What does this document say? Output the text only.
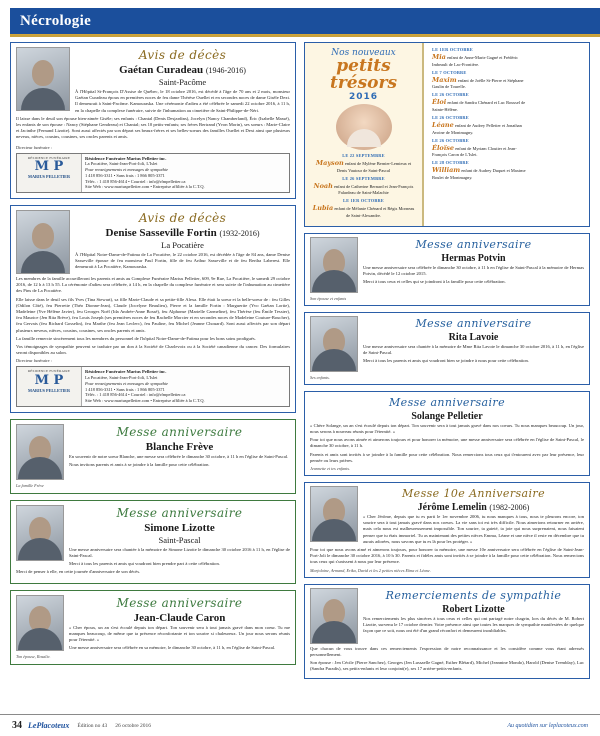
Nécrologie
Avis de décès
Gaétan Curadeau (1946-2016)
Saint-Pacôme

À l'Hôpital St-François D'Assise de Québec, le 18 octobre 2016, est décédé à l'âge de 70 ans et 2 mois, monsieur Gaétan Curadeau époux en premières noces de feu dame Thérèse Ouellet et en secondes noces de dame Gisèle Dext. Il demeurait à Saint-Pacôme. Kamouraska. Une cérémonie d'adieu a été célébrée le samedi 22 octobre 2016, à 11 h, en la chapelle du complexe funéraire, suivie de l'inhumation au cimetière de Saint-Philippe-de-Néri.

Il laisse dans le deuil son épouse bien-aimée Gisèle; ses enfants : Chantal (Denis Desjardins), Jocelyn (Nancy Chamberland), Éric (Isabelle Massé), les enfants de son épouse : Nancy (Stéphane Gendreau) et Chantal; ses 10 petits-enfants; ses frères Bertrand (Yvon Morin), ses soeurs : Marie-Claire et Jacinthe (Fernand Lizotte). Sont aussi affectés par son départ ses beaux-frères et ses belles-soeurs des familles Ouellet et Dext ainsi que plusieurs neveux, nièces, cousins, cousines, ses oncles parents et amis.

Directeur funéraire :
RÉSIDENCE FUNÉRAIRE
M P
MARIUS PELLETIER
Résidence Funéraire Marius Pelletier inc.
La Pocatière, Saint-Jean-Port-Joli, L'Islet
Pour renseignements et messages de sympathie
1 418 856-3311 • Sans frais : 1 866 805-3371
Téléc. : 1 418 856-4614 • Courriel : info@rfmpelletier.ca
Site Web : www.mariuspelletier.com • Entreprise affiliée à la C.T.Q.
Avis de décès
Denise Sasseville Fortin (1932-2016)
La Pocatière

À l'Hôpital Notre-Dame-de-Fatima de La Pocatière, le 22 octobre 2016, est décédée à l'âge de 84 ans, dame Denise Sasseville épouse de feu monsieur Paul Fortin, fille de feu Arthur Sasseville et de feu Bertha Laberest. Elle demeurait à La Pocatière, Kamouraska.

Les membres de la famille accueilleront les parents et amis au Complexe Funéraire Marius Pelletier, 609, 9e Rue, La Pocatière, le samedi 29 octobre 2016, de 12 h à 13 h 55. La cérémonie d'adieu sera célébrée, à 14 h, en la chapelle du complexe funéraire et sera suivie de l'inhumation au cimetière des Pins de La Pocatière.

Elle laisse dans le deuil ses fils Yves (Tina Stewart), sa fille Marie-Claude et sa petite-fille Alexa. Elle était la soeur et la belle-soeur de : feu Gilles (Odilon Côté), feu Pierrette (Théo Dionne-Jean), Claude (Jocelyne Beaulieu), Pierre et la famille Fortin : Marguerite (Yvo Gaétan Lortie), Madeleine (Yve Hélène Javier), feu Georges Noël (Ida Andrée-Anne Bossé), feu Alphonse (Marielle Carmeline), feu Thérèse (feu Émile Tessier), feu Maurice (Jen Rita Brève), feu Louis Joseph (ses premières noces de feu Rachelle Morcier et en secondes noces de Madeleine Couture-Boucher), feu Gervais (feu Richard Gosselin), feu Marthe (feu Jean Leclerc), feu Pauline, feu Michel (Jeanne Chouard). Sont aussi affectés par son départ plusieurs neveux, nièces, cousins, cousines, ses oncles parents et amis.

La famille remercie sincèrement tous les membres du personnel de l'hôpital Notre-Dame-de-Fatima pour les bons soins prodigués.

Vos témoignages de sympathie peuvent se traduire par un don à la Société de Charlevoix ou à la Société canadienne du cancer. Des formulaires seront disponibles au salon.

Directeur funéraire :
RÉSIDENCE FUNÉRAIRE
M P
MARIUS PELLETIER
Résidence Funéraire Marius Pelletier inc.
La Pocatière, Saint-Jean-Port-Joli, L'Islet
Pour renseignements et messages de sympathie
1 418 856-3311 • Sans frais : 1 866 805-3371
Téléc. : 1 418 856-4614 • Courriel : info@rfmpelletier.ca
Site Web : www.mariuspelletier.com • Entreprise affiliée à la C.T.Q.
Messe anniversaire
Blanche Frève

En souvenir de notre soeur Blanche, une messe sera célébrée le dimanche 30 octobre, à 11 h en l'église de Saint-Pascal.

Nous invitons parents et amis à se joindre à la famille pour cette célébration.

La famille Frève
Messe anniversaire
Simone Lizotte
Saint-Pascal

Une messe anniversaire sera chantée à la mémoire de Simone Lizotte le dimanche 30 octobre 2016 à 11 h, en l'église de Saint-Pascal.

Merci à tous les parents et amis qui voudront bien prendre part à cette célébration.

Merci de penser à elle, en cette journée d'anniversaire de son décès.

Messe anniversaire
Jean-Claude Caron

« Cher époux, un an s'est écoulé depuis ton départ. Ton souvenir sera à tout jamais gravé dans mon coeur. Tu me manques beaucoup, de même que ta présence réconfortante et ton sourire si chaleureux. Un jour nous serons réunis pour l'éternité. »

Une messe anniversaire sera célébrée en sa mémoire, le dimanche 30 octobre, à 11 h, en l'église de Saint-Pascal.

Ton épouse, Rosalie.
Nos nouveaux
petits trésors
2016
LE 22 SEPTEMBRE
Mayson enfant de Mylène Bernier-Lemieux et Denis Vautour de Saint-Pascal
LE 26 SEPTEMBRE
Noah enfant de Catherine Bernard et Jean-François Falardeau de Saint-Malachie
LE 1ER OCTOBRE
Lubia enfant de Mélanie Chénard et Régis Morneau de Saint-Alexandre.
LE 1ER OCTOBRE
Mia enfant de Anne-Marie Gagné et Frédéric Imbeault de Lac-Frontière.
LE 7 OCTOBRE
Maxim enfant de Joëlle St-Pierre et Stéphane Gaulin de Tourelle.
LE 26 OCTOBRE
Éloi enfant de Sandra Chénard et Luc Roussel de Sainte-Hélène.
LE 26 OCTOBRE
Léane enfant de Audrey Pelletier et Jonathan Avoine de Montmagny.
LE 26 OCTOBRE
Éloïse enfant de Myriam Cloutier et Jean-François Caron de L'Islet.
LE 28 OCTOBRE
William enfant de Audrey Duquet et Maxime Boulet de Montmagny.
Messe anniversaire
Hermas Potvin

Une messe anniversaire sera célébrée le dimanche 30 octobre, à 11 h en l'église de Saint-Pascal à la mémoire de Hermas Potvin, décédé le 12 octobre 2015.

Merci à tous ceux et celles qui se joindront à la famille pour cette célébration.

Son épouse et enfants
Messe anniversaire
Rita Lavoie

Une messe anniversaire sera chantée à la mémoire de Mme Rita Lavoie le dimanche 30 octobre 2016, à 11 h, en l'église de Saint-Pascal.

Merci à tous les parents et amis qui voudront bien se joindre à nous pour cette célébration.

Ses enfants.
Messe anniversaire
Solange Pelletier

« Chère Solange, un an s'est écoulé depuis ton départ. Ton souvenir sera à tout jamais gravé dans nos coeurs. Tu nous manques beaucoup. Un jour, nous serons à nouveau réunis pour l'éternité. »

Pour toi que nous avons aimée et aimerons toujours et pour honorer ta mémoire, une messe anniversaire sera célébrée en l'église de Saint-Pascal, le dimanche 30 octobre, à 11 h.

Parents et amis sont invités à se joindre à la famille pour cette célébration. Nous remercions tous ceux qui t'entourent avec par leur présence, leur pensée ou leurs prières.

Jeannette et tes enfants.
Messe 10e Anniversaire
Jérôme Lemelin (1982-2006)

« Cher Jérôme, depuis que tu es parti le 1er novembre 2006, tu nous manques à tous, nous te pleurons encore, ton sourire sera à tout jamais gravé dans nos coeurs. La vie sans toi est très difficile. Nous aimerions retourner en arrière, mais cela nous est malheureusement impossible. Ton sourire, ta gaieté, ta joie qui nous surprenaient, nous faisaient penser que tu étais immortel. Tu as maintenant des petites nièces Emma, Léane et une nièce il reste en décembre que tu aurais adorées, nous savons que tu es là pour les protéger. »

Pour toi que nous avons aimé et aimerons toujours, pour honorer ta mémoire, une messe 10e anniversaire sera célébrée en l'église de Saint-Jean-Port-Joli le dimanche 30 octobre 2016, à 10 h 30. Parents et fidèles amis sont invités à se joindre à la famille pour cette célébration. Nous remercions tous ceux qui s'unissent à nous par leur présence.

Marjolaine, Armand, Erika, David et les 2 petites nièces Elma et Léane.
Remerciements de sympathie
Robert Lizotte

Nos remerciements les plus sincères à tous ceux et celles qui ont partagé notre chagrin, lors du décès de M. Robert Lizotte, survenu le 17 octobre dernier. Votre présence ainsi que toutes les marques de sympathie manifestées de quelque façon que ce soit, nous ont été d'un grand réconfort et demeurent inoubliables.

Que chacun de vous trouve dans ces remerciements l'expression de notre reconnaissance et les considère comme vous étant adressés personnellement.

Son épouse : Jen Cécile (Pierre Sanchez), Georges (Jen Lussaelle Gagné, Esther Blétard), Michel (Jeannine Mondo), Harold (Denise Tremblay), Luc (Sandra Paradis), ses petits-enfants et leur conjoint(e), ses 17 arrière-petits-enfants.

34 LePlacoteux Édition no 43 26 octobre 2016	Au quotidien sur leplacoteux.com
